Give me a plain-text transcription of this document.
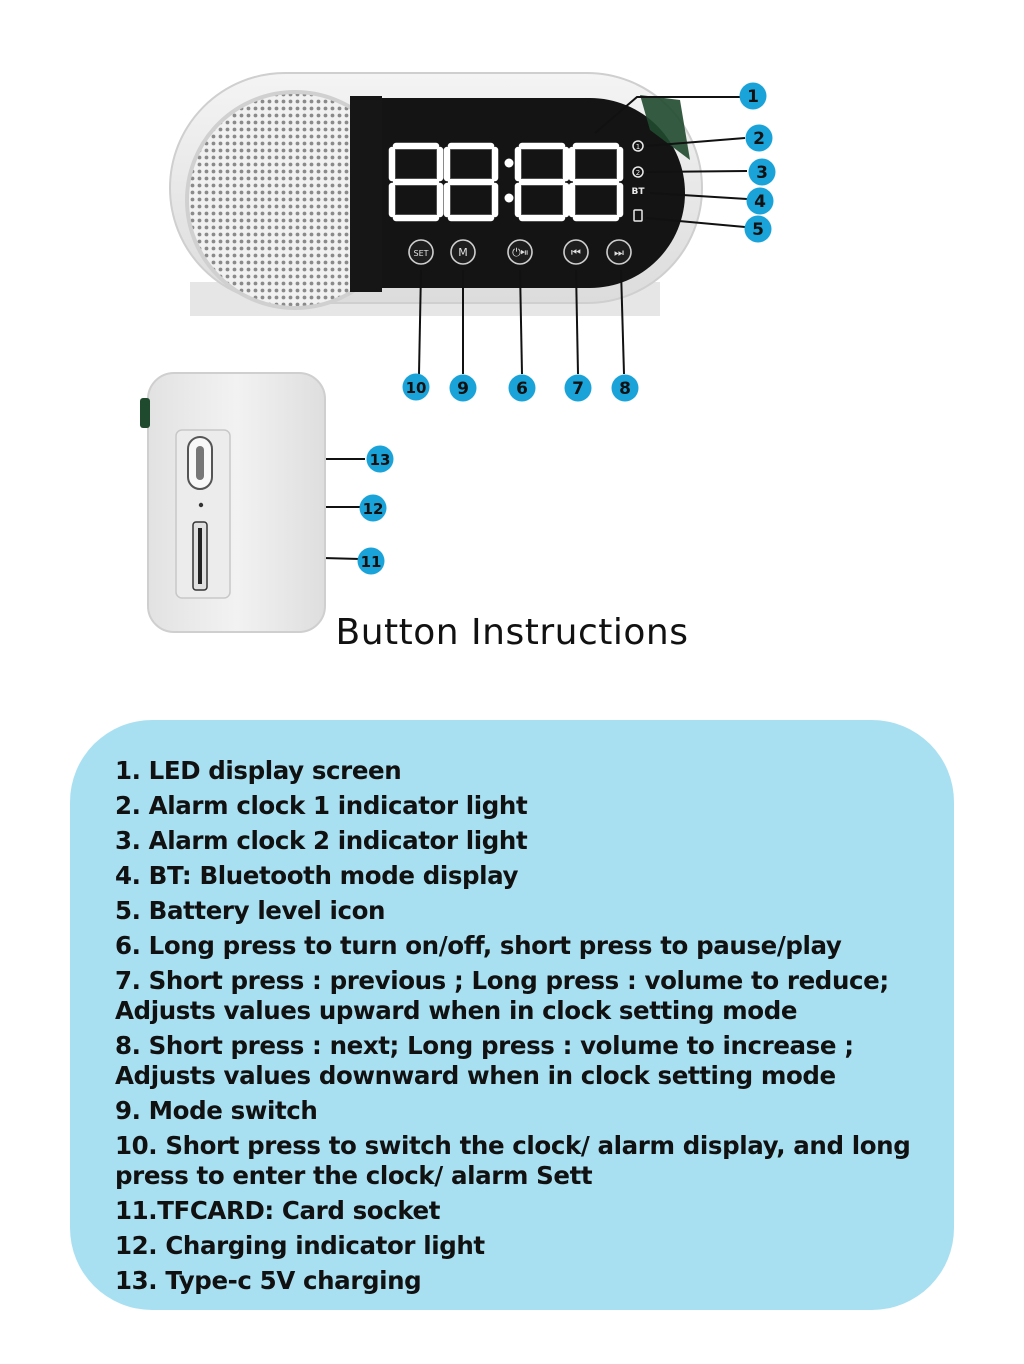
1
2
BT
SET	M	⏻⏯	⏮	⏭
1
2
3
4
5
6	7 8
9
10
11
12
13
Button Instructions
1. LED display screen
2. Alarm clock 1 indicator light
3. Alarm clock 2 indicator light
4. BT: Bluetooth mode display
5. Battery level icon
6. Long press to turn on/off, short press to pause/play
7. Short press : previous ; Long press : volume to reduce; Adjusts values upward when in clock setting mode
8. Short press : next; Long press : volume to increase ; Adjusts values downward when in clock setting mode
9. Mode switch
10. Short press to switch the clock/ alarm display, and long press to enter the clock/ alarm Sett
11.TFCARD: Card socket
12. Charging indicator light
13. Type-c 5V charging
